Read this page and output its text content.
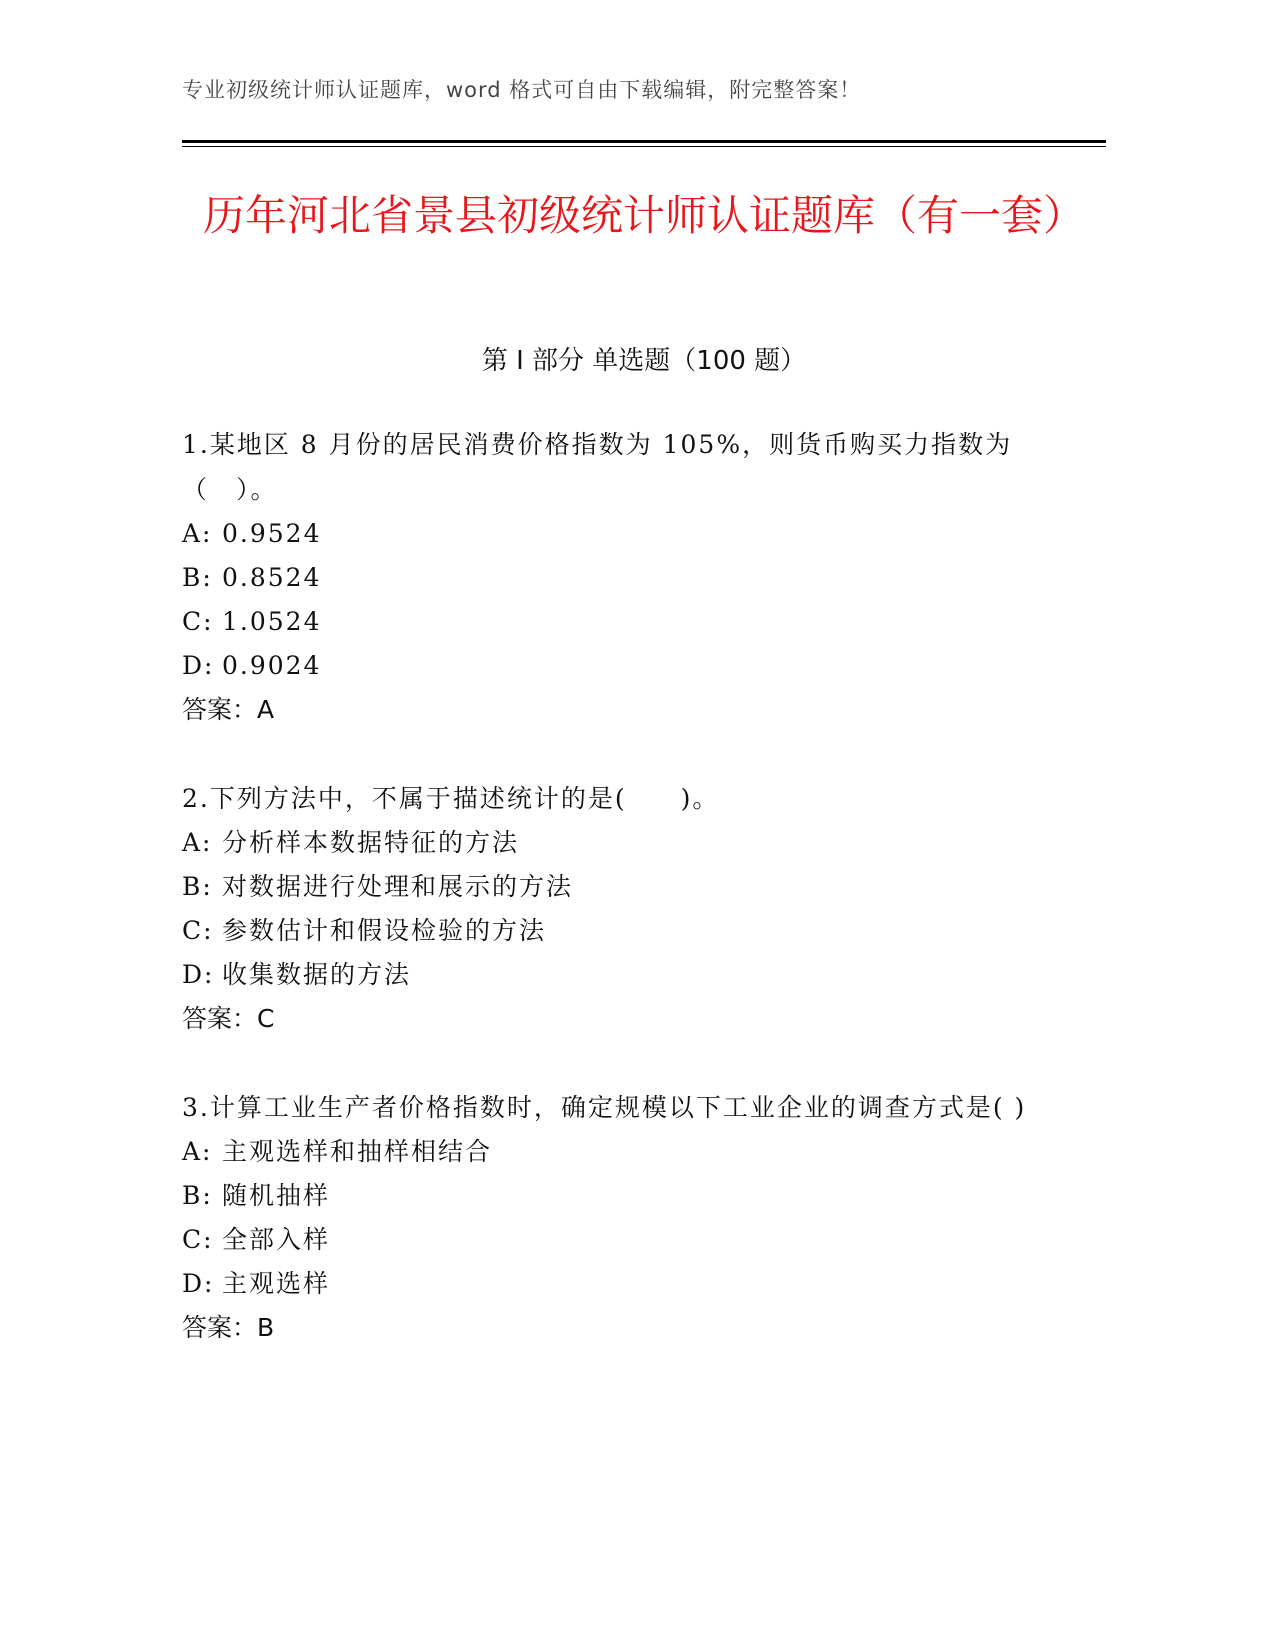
专业初级统计师认证题库，word 格式可自由下载编辑，附完整答案！
历年河北省景县初级统计师认证题库（有一套）
第 I 部分 单选题（100 题）

1.某地区 8 月份的居民消费价格指数为 105%，则货币购买力指数为（　）。

A: 0.9524

B: 0.8524

C: 1.0524

D: 0.9024

答案：A

2.下列方法中，不属于描述统计的是(　　)。

A: 分析样本数据特征的方法

B: 对数据进行处理和展示的方法

C: 参数估计和假设检验的方法

D: 收集数据的方法

答案：C

3.计算工业生产者价格指数时，确定规模以下工业企业的调查方式是( )

A: 主观选样和抽样相结合

B: 随机抽样

C: 全部入样

D: 主观选样

答案：B
